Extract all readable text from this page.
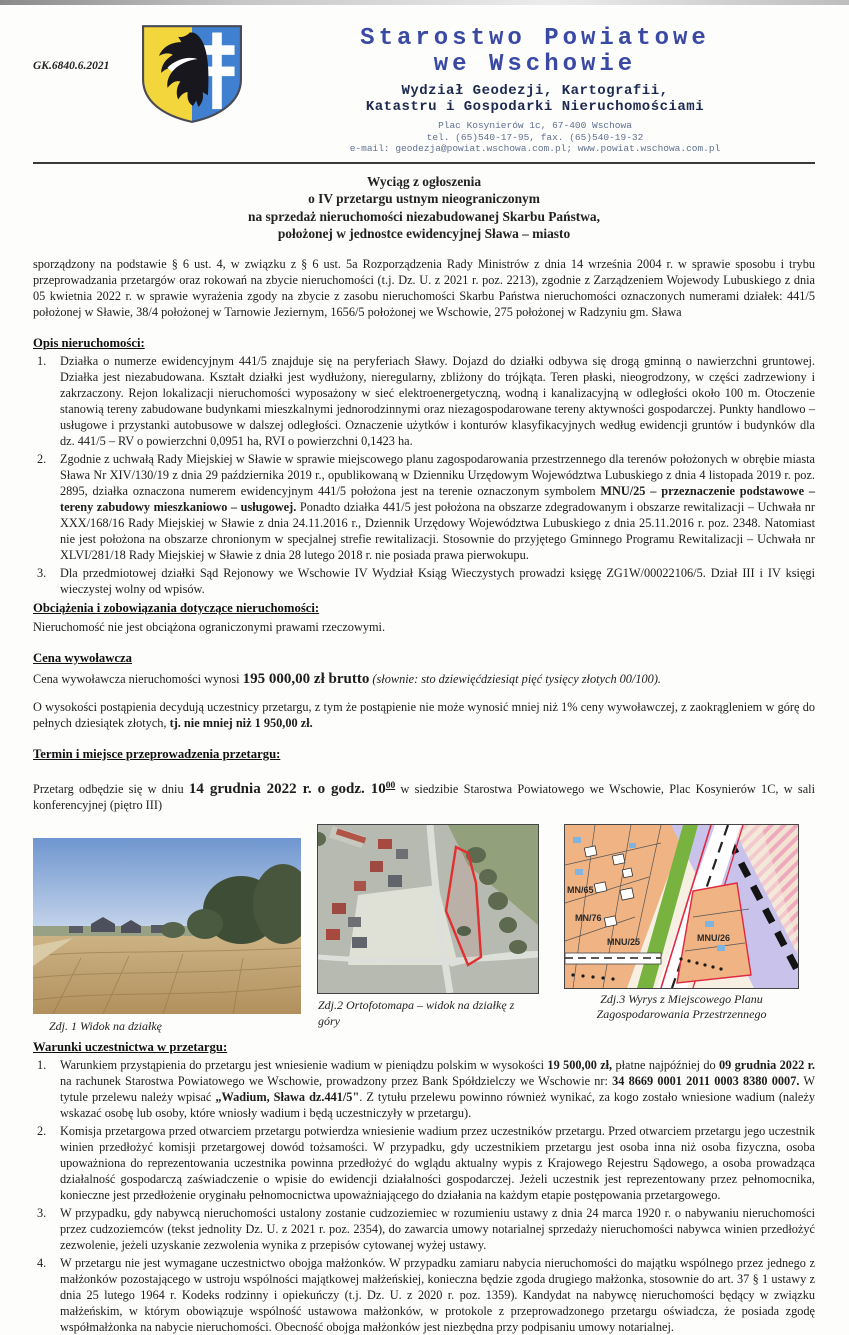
GK.6840.6.2021
Starostwo Powiatowe
we Wschowie
Wydział Geodezji, Kartografii,
Katastru i Gospodarki Nieruchomościami
Plac Kosynierów 1c, 67-400 Wschowa
tel. (65)540-17-95, fax. (65)540-19-32
e-mail: geodezja@powiat.wschowa.com.pl; www.powiat.wschowa.com.pl
Wyciąg z ogłoszenia
o IV przetargu ustnym nieograniczonym
na sprzedaż nieruchomości niezabudowanej Skarbu Państwa,
położonej w jednostce ewidencyjnej Sława – miasto

sporządzony na podstawie § 6 ust. 4, w związku z § 6 ust. 5a Rozporządzenia Rady Ministrów z dnia 14 września 2004 r. w sprawie sposobu i trybu przeprowadzania przetargów oraz rokowań na zbycie nieruchomości (t.j. Dz. U. z 2021 r. poz. 2213), zgodnie z Zarządzeniem Wojewody Lubuskiego z dnia 05 kwietnia 2022 r. w sprawie wyrażenia zgody na zbycie z zasobu nieruchomości Skarbu Państwa nieruchomości oznaczonych numerami działek: 441/5 położonej w Sławie, 38/4 położonej w Tarnowie Jeziernym, 1656/5 położonej we Wschowie, 275 położonej w Radzyniu gm. Sława

Opis nieruchomości:
1.	Działka o numerze ewidencyjnym 441/5 znajduje się na peryferiach Sławy. Dojazd do działki odbywa się drogą gminną o nawierzchni gruntowej. Działka jest niezabudowana. Kształt działki jest wydłużony, nieregularny, zbliżony do trójkąta. Teren płaski, nieogrodzony, w części zadrzewiony i zakrzaczony. Rejon lokalizacji nieruchomości wyposażony w sieć elektroenergetyczną, wodną i kanalizacyjną w odległości około 100 m. Otoczenie stanowią tereny zabudowane budynkami mieszkalnymi jednorodzinnymi oraz niezagospodarowane tereny aktywności gospodarczej. Punkty handlowo – usługowe i przystanki autobusowe w dalszej odległości. Oznaczenie użytków i konturów klasyfikacyjnych według ewidencji gruntów i budynków dla dz. 441/5 – RV o powierzchni 0,0951 ha, RVI o powierzchni 0,1423 ha.
2.	Zgodnie z uchwałą Rady Miejskiej w Sławie w sprawie miejscowego planu zagospodarowania przestrzennego dla terenów położonych w obrębie miasta Sława Nr XIV/130/19 z dnia 29 października 2019 r., opublikowaną w Dzienniku Urzędowym Województwa Lubuskiego z dnia 4 listopada 2019 r. poz. 2895, działka oznaczona numerem ewidencyjnym 441/5 położona jest na terenie oznaczonym symbolem MNU/25 – przeznaczenie podstawowe – tereny zabudowy mieszkaniowo – usługowej. Ponadto działka 441/5 jest położona na obszarze zdegradowanym i obszarze rewitalizacji – Uchwała nr XXX/168/16 Rady Miejskiej w Sławie z dnia 24.11.2016 r., Dziennik Urzędowy Województwa Lubuskiego z dnia 25.11.2016 r. poz. 2348. Natomiast nie jest położona na obszarze chronionym w specjalnej strefie rewitalizacji. Stosownie do przyjętego Gminnego Programu Rewitalizacji – Uchwała nr XLVI/281/18 Rady Miejskiej w Sławie z dnia 28 lutego 2018 r. nie posiada prawa pierwokupu.
3.	Dla przedmiotowej działki Sąd Rejonowy we Wschowie IV Wydział Ksiąg Wieczystych prowadzi księgę ZG1W/00022106/5. Dział III i IV księgi wieczystej wolny od wpisów.
Obciążenia i zobowiązania dotyczące nieruchomości:

Nieruchomość nie jest obciążona ograniczonymi prawami rzeczowymi.

Cena wywoławcza

Cena wywoławcza nieruchomości wynosi 195 000,00 zł brutto (słownie: sto dziewięćdziesiąt pięć tysięcy złotych 00/100).

O wysokości postąpienia decydują uczestnicy przetargu, z tym że postąpienie nie może wynosić mniej niż 1% ceny wywoławczej, z zaokrągleniem w górę do pełnych dziesiątek złotych, tj. nie mniej niż 1 950,00 zł.

Termin i miejsce przeprowadzenia przetargu:

Przetarg odbędzie się w dniu 14 grudnia 2022 r. o godz. $10^{00}$ w siedzibie Starostwa Powiatowego we Wschowie, Plac Kosynierów 1C, w sali konferencyjnej (piętro III)

Zdj. 1 Widok na działkę
Zdj.2 Ortofotomapa – widok na działkę z góry
MN/65
MN/76
MNU/25	MNU/26
Zdj.3 Wyrys z Miejscowego Planu
Zagospodarowania Przestrzennego
Warunki uczestnictwa w przetargu:
1.	Warunkiem przystąpienia do przetargu jest wniesienie wadium w pieniądzu polskim w wysokości 19 500,00 zł, płatne najpóźniej do 09 grudnia 2022 r. na rachunek Starostwa Powiatowego we Wschowie, prowadzony przez Bank Spółdzielczy we Wschowie nr: 34 8669 0001 2011 0003 8380 0007. W tytule przelewu należy wpisać „Wadium, Sława dz.441/5". Z tytułu przelewu powinno również wynikać, za kogo zostało wniesione wadium (należy wskazać osobę lub osoby, które wniosły wadium i będą uczestniczyły w przetargu).
2.	Komisja przetargowa przed otwarciem przetargu potwierdza wniesienie wadium przez uczestników przetargu. Przed otwarciem przetargu jego uczestnik winien przedłożyć komisji przetargowej dowód tożsamości. W przypadku, gdy uczestnikiem przetargu jest osoba inna niż osoba fizyczna, osoba upoważniona do reprezentowania uczestnika powinna przedłożyć do wglądu aktualny wypis z Krajowego Rejestru Sądowego, a osoba prowadząca działalność gospodarczą zaświadczenie o wpisie do ewidencji działalności gospodarczej. Jeżeli uczestnik jest reprezentowany przez pełnomocnika, konieczne jest przedłożenie oryginału pełnomocnictwa upoważniającego do działania na każdym etapie postępowania przetargowego.
3.	W przypadku, gdy nabywcą nieruchomości ustalony zostanie cudzoziemiec w rozumieniu ustawy z dnia 24 marca 1920 r. o nabywaniu nieruchomości przez cudzoziemców (tekst jednolity Dz. U. z 2021 r. poz. 2354), do zawarcia umowy notarialnej sprzedaży nieruchomości nabywca winien przedłożyć zezwolenie, jeżeli uzyskanie zezwolenia wynika z przepisów cytowanej wyżej ustawy.
4.	W przetargu nie jest wymagane uczestnictwo obojga małżonków. W przypadku zamiaru nabycia nieruchomości do majątku wspólnego przez jednego z małżonków pozostającego w ustroju wspólności majątkowej małżeńskiej, konieczna będzie zgoda drugiego małżonka, stosownie do art. 37 § 1 ustawy z dnia 25 lutego 1964 r. Kodeks rodzinny i opiekuńczy (t.j. Dz. U. z 2020 r. poz. 1359). Kandydat na nabywcę nieruchomości będący w związku małżeńskim, w którym obowiązuje wspólność ustawowa małżonków, w protokole z przeprowadzonego przetargu oświadcza, że posiada zgodę współmałżonka na nabycie nieruchomości. Obecność obojga małżonków jest niezbędna przy podpisaniu umowy notarialnej.
